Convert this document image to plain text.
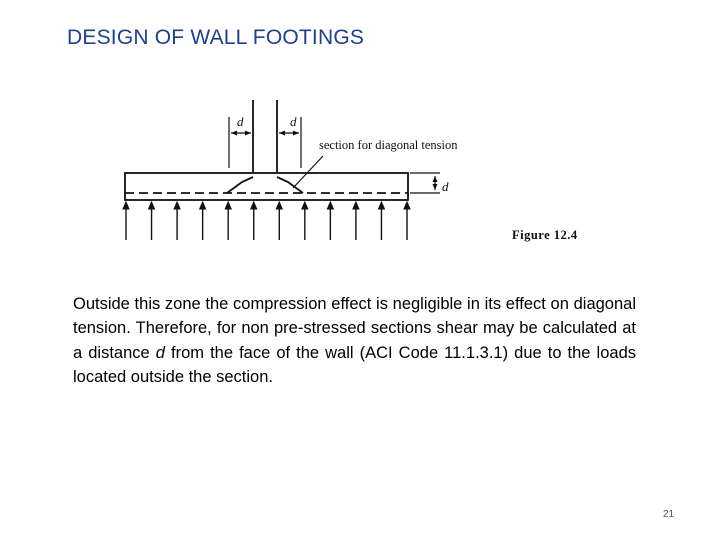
DESIGN OF WALL FOOTINGS
d	d
d
section for diagonal tension
Figure 12.4

Outside this zone the compression effect is negligible in its effect on diagonal tension. Therefore, for non pre-stressed sections shear may be calculated at a distance d from the face of the wall (ACI Code 11.1.3.1) due to the loads located outside the section.

21
